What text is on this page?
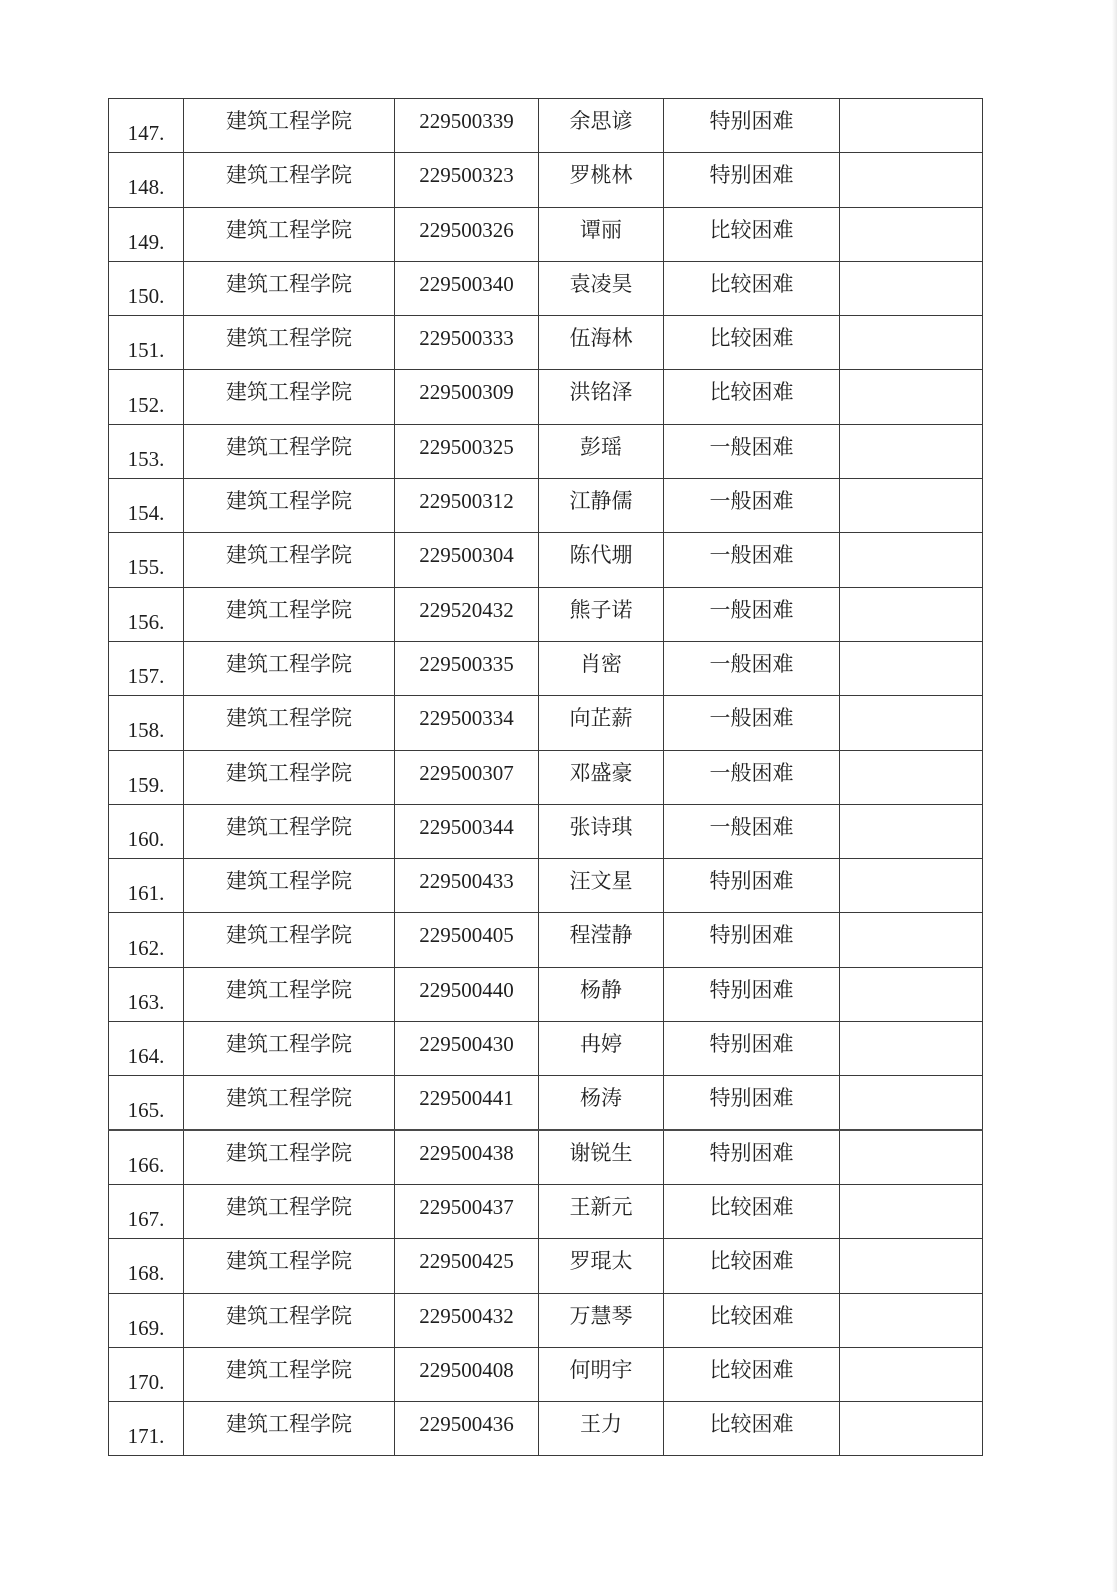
147.	建筑工程学院	229500339	余思谚	特别困难	
148.	建筑工程学院	229500323	罗桃林	特别困难	
149.	建筑工程学院	229500326	谭丽	比较困难	
150.	建筑工程学院	229500340	袁凌昊	比较困难	
151.	建筑工程学院	229500333	伍海林	比较困难	
152.	建筑工程学院	229500309	洪铭泽	比较困难	
153.	建筑工程学院	229500325	彭瑶	一般困难	
154.	建筑工程学院	229500312	江静儒	一般困难	
155.	建筑工程学院	229500304	陈代堋	一般困难	
156.	建筑工程学院	229520432	熊子诺	一般困难	
157.	建筑工程学院	229500335	肖密	一般困难	
158.	建筑工程学院	229500334	向芷薪	一般困难	
159.	建筑工程学院	229500307	邓盛豪	一般困难	
160.	建筑工程学院	229500344	张诗琪	一般困难	
161.	建筑工程学院	229500433	汪文星	特别困难	
162.	建筑工程学院	229500405	程滢静	特别困难	
163.	建筑工程学院	229500440	杨静	特别困难	
164.	建筑工程学院	229500430	冉婷	特别困难	
165.	建筑工程学院	229500441	杨涛	特别困难	
166.	建筑工程学院	229500438	谢锐生	特别困难	
167.	建筑工程学院	229500437	王新元	比较困难	
168.	建筑工程学院	229500425	罗琨太	比较困难	
169.	建筑工程学院	229500432	万慧琴	比较困难	
170.	建筑工程学院	229500408	何明宇	比较困难	
171.	建筑工程学院	229500436	王力	比较困难	
